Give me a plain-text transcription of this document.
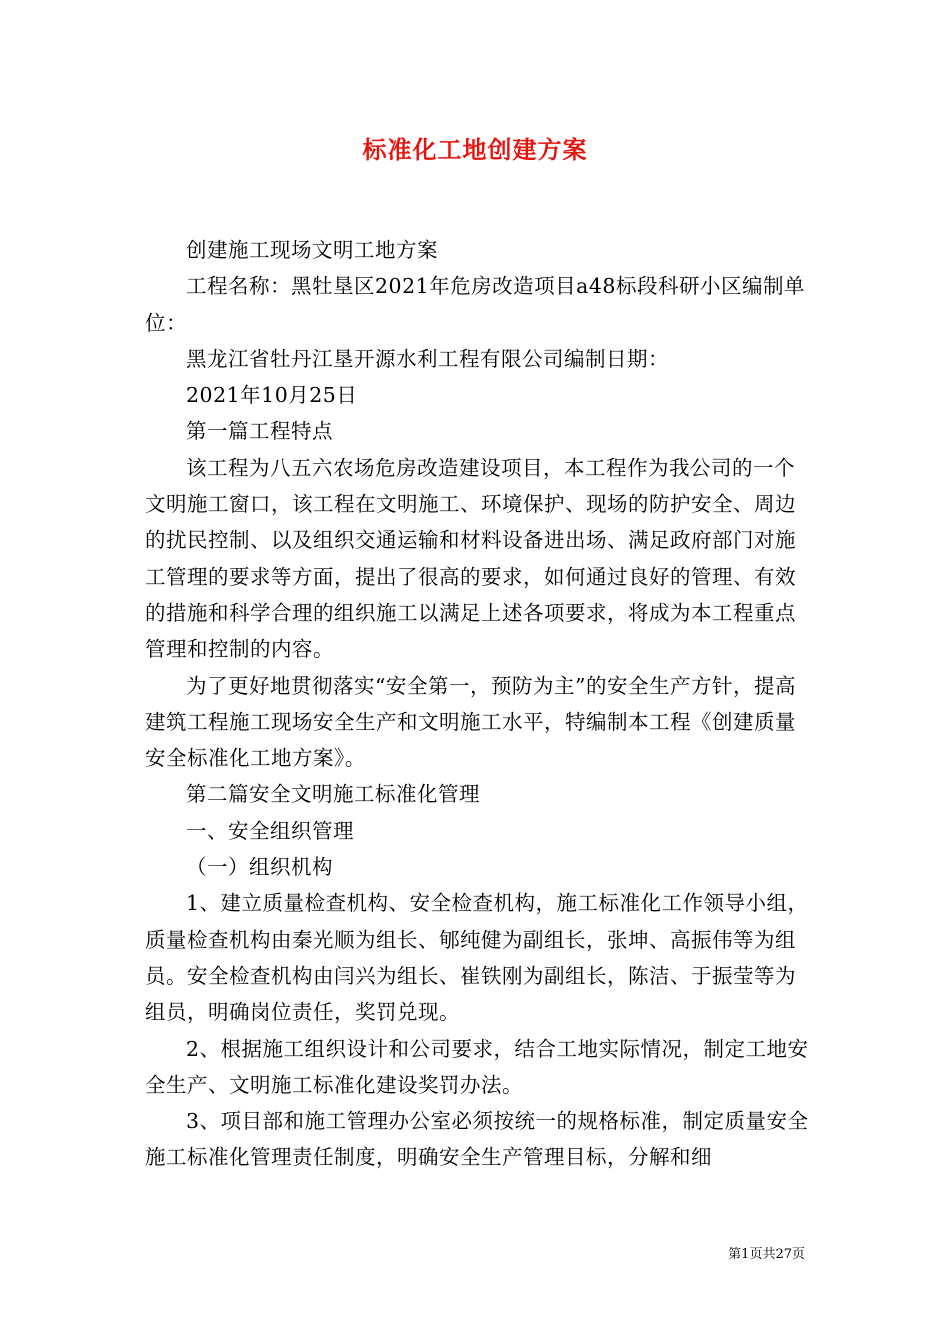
标准化工地创建方案

创建施工现场文明工地方案

工程名称：黑牡垦区2021年危房改造项目a48标段科研小区编制单位：

黑龙江省牡丹江垦开源水利工程有限公司编制日期：

2021年10月25日

第一篇工程特点

该工程为八五六农场危房改造建设项目，本工程作为我公司的一个文明施工窗口，该工程在文明施工、环境保护、现场的防护安全、周边的扰民控制、以及组织交通运输和材料设备进出场、满足政府部门对施工管理的要求等方面，提出了很高的要求，如何通过良好的管理、有效的措施和科学合理的组织施工以满足上述各项要求，将成为本工程重点管理和控制的内容。

为了更好地贯彻落实“安全第一，预防为主”的安全生产方针，提高建筑工程施工现场安全生产和文明施工水平，特编制本工程《创建质量安全标准化工地方案》。

第二篇安全文明施工标准化管理

一、安全组织管理

（一）组织机构

1、建立质量检查机构、安全检查机构，施工标准化工作领导小组，质量检查机构由秦光顺为组长、郇纯健为副组长，张坤、高振伟等为组员。安全检查机构由闫兴为组长、崔铁刚为副组长，陈洁、于振莹等为组员，明确岗位责任，奖罚兑现。

2、根据施工组织设计和公司要求，结合工地实际情况，制定工地安全生产、文明施工标准化建设奖罚办法。

3、项目部和施工管理办公室必须按统一的规格标准，制定质量安全施工标准化管理责任制度，明确安全生产管理目标，分解和细

第1页共27页
